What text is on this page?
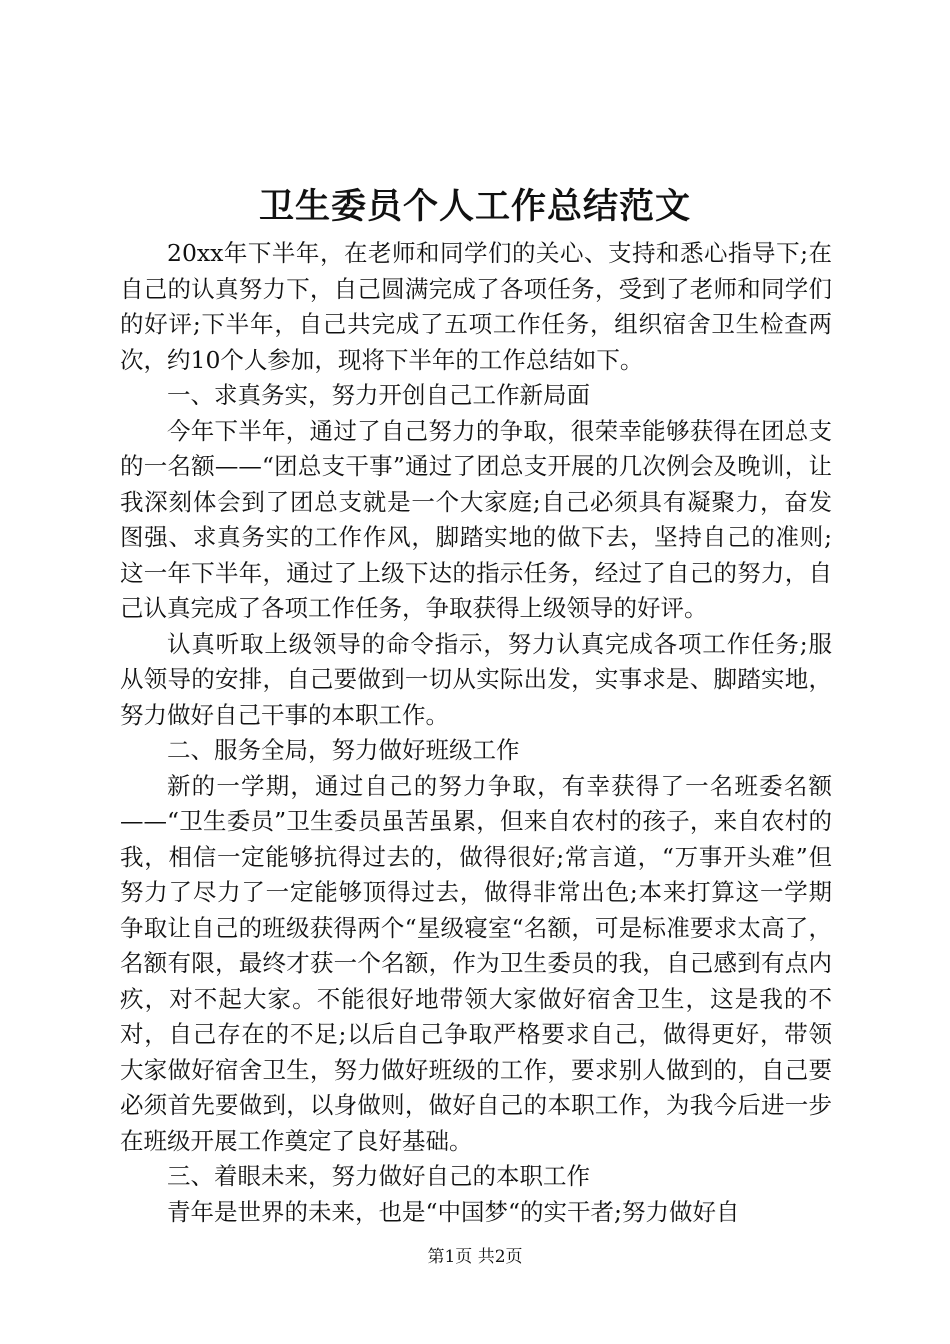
卫生委员个人工作总结范文

20xx年下半年，在老师和同学们的关心、支持和悉心指导下;在自己的认真努力下，自己圆满完成了各项任务，受到了老师和同学们的好评;下半年，自己共完成了五项工作任务，组织宿舍卫生检查两次，约10个人参加，现将下半年的工作总结如下。

一、求真务实，努力开创自己工作新局面

今年下半年，通过了自己努力的争取，很荣幸能够获得在团总支的一名额——“团总支干事”通过了团总支开展的几次例会及晚训，让我深刻体会到了团总支就是一个大家庭;自己必须具有凝聚力，奋发图强、求真务实的工作作风，脚踏实地的做下去，坚持自己的准则;这一年下半年，通过了上级下达的指示任务，经过了自己的努力，自己认真完成了各项工作任务，争取获得上级领导的好评。

认真听取上级领导的命令指示，努力认真完成各项工作任务;服从领导的安排，自己要做到一切从实际出发，实事求是、脚踏实地，努力做好自己干事的本职工作。

二、服务全局，努力做好班级工作

新的一学期，通过自己的努力争取，有幸获得了一名班委名额——“卫生委员”卫生委员虽苦虽累，但来自农村的孩子，来自农村的我，相信一定能够抗得过去的，做得很好;常言道，“万事开头难”但努力了尽力了一定能够顶得过去，做得非常出色;本来打算这一学期争取让自己的班级获得两个“星级寝室“名额，可是标准要求太高了，名额有限，最终才获一个名额，作为卫生委员的我，自己感到有点内疚，对不起大家。不能很好地带领大家做好宿舍卫生，这是我的不对，自己存在的不足;以后自己争取严格要求自己，做得更好，带领大家做好宿舍卫生，努力做好班级的工作，要求别人做到的，自己要必须首先要做到，以身做则，做好自己的本职工作，为我今后进一步在班级开展工作奠定了良好基础。

三、着眼未来，努力做好自己的本职工作

青年是世界的未来，也是“中国梦“的实干者;努力做好自

第1页 共2页
